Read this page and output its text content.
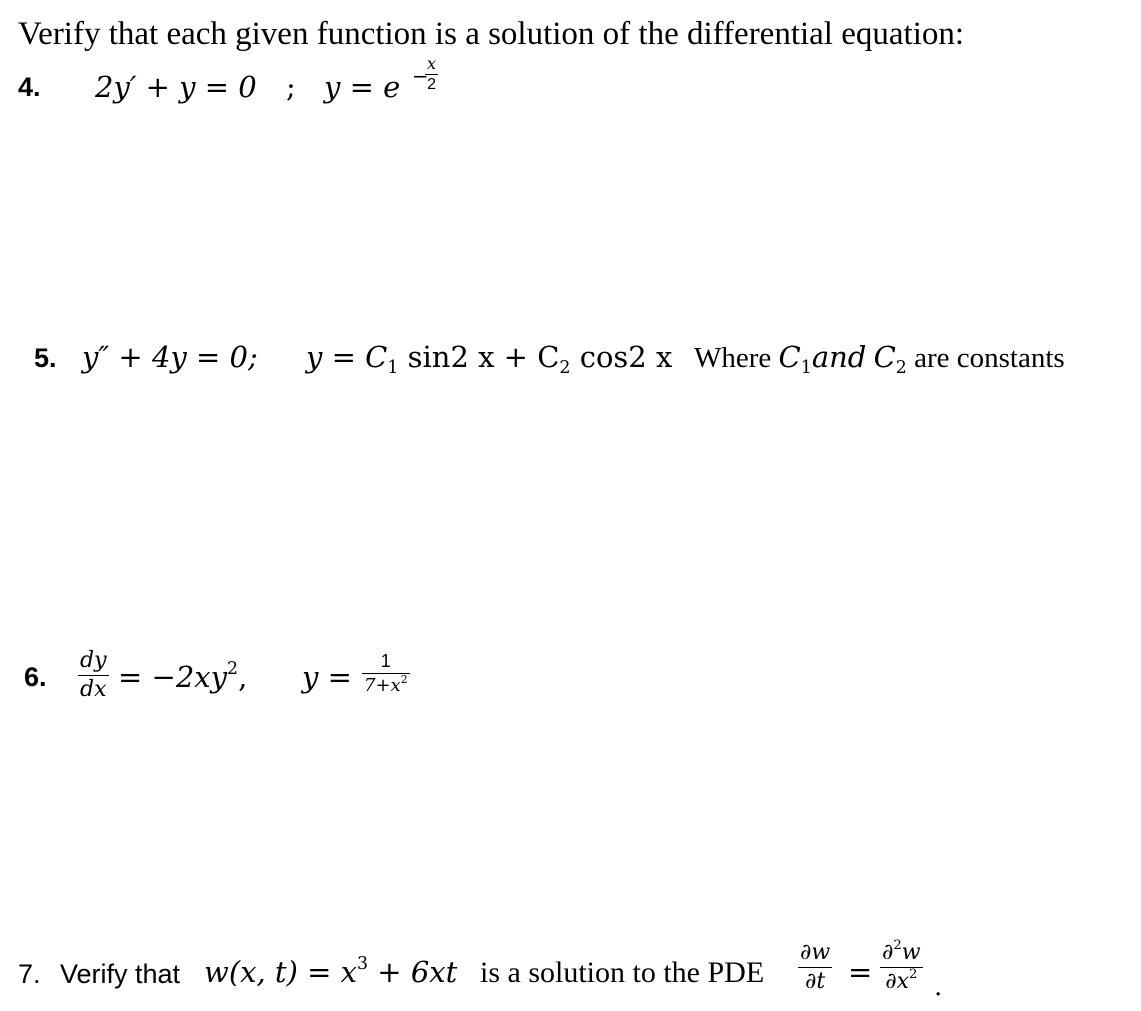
Verify that each given function is a solution of the differential equation:
4. 2y′ + y = 0 ; y = e −
$\frac{x}{2}$
5. y″ + 4y = 0; $y = C_1$ sin2 $x + C_2$ cos2 x Where $C_1and$ $C_2$ are constants
6. $\frac{dy}{dx} = -2xy^2$, $y = \frac{1}{7+x^2}$
7. Verify that w(x, $t) = x^3 + 6xt$ is a solution to the PDE $\frac{\partial w}{\partial t} = \frac{\partial^2w}{\partial x^2}$ .
